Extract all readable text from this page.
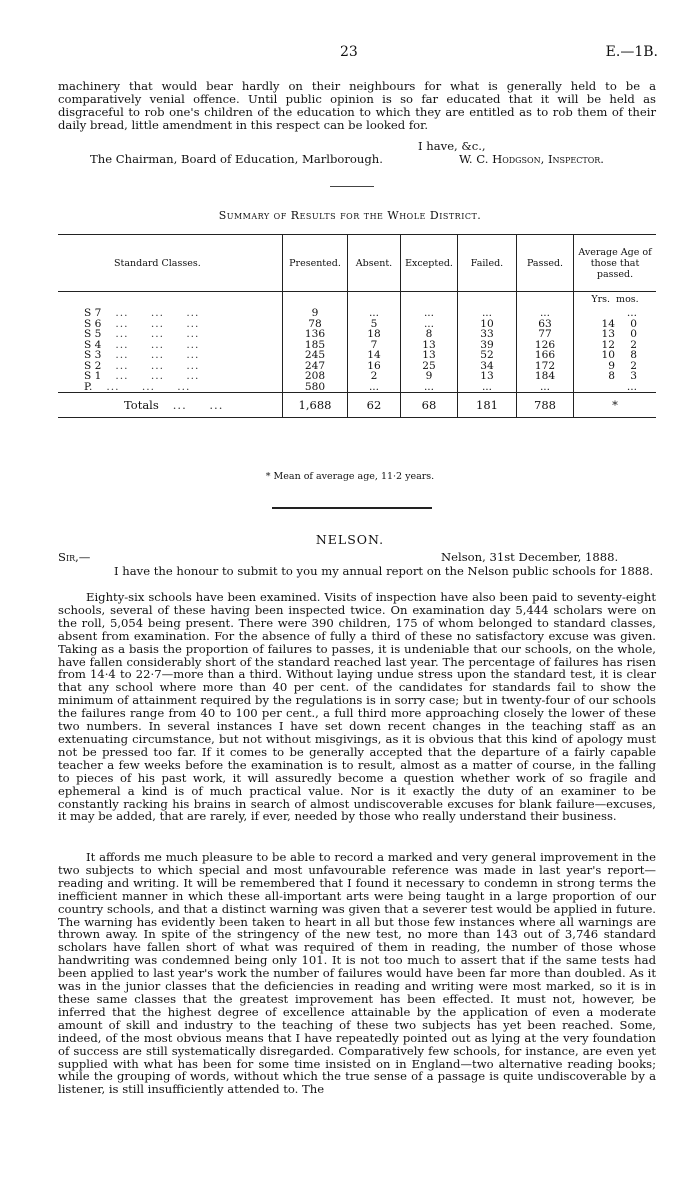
23	E.—1B.

machinery that would bear hardly on their neighbours for what is generally held to be a comparatively venial offence. Until public opinion is so far educated that it will be held as disgraceful to rob one's children of the education to which they are entitled as to rob them of their daily bread, little amendment in this respect can be looked for.

I have, &c.,
The Chairman, Board of Education, Marlborough.	W. C. Hodgson, Inspector.
Summary of Results for the Whole District.
Standard Classes.	Presented.	Absent.	Excepted.	Failed.	Passed.	Average Age of those that passed.
						Yrs.  mos.
S 7 ... ... ...	9	...	...	...	...	...
S 6 ... ... ...	78	5	...	10	63	14 0
S 5 ... ... ...	136	18	8	33	77	13 0
S 4 ... ... ...	185	7	13	39	126	12 2
S 3 ... ... ...	245	14	13	52	166	10 8
S 2 ... ... ...	247	16	25	34	172	9 2
S 1 ... ... ...	208	2	9	13	184	8 3
P. ... ... ...	580	...	...	...	...	...
Totals ... ...	1,688	62	68	181	788	*
* Mean of average age, 11·2 years.
NELSON.
Sir,—	Nelson, 31st December, 1888.

I have the honour to submit to you my annual report on the Nelson public schools for 1888.

Eighty-six schools have been examined. Visits of inspection have also been paid to seventy-eight schools, several of these having been inspected twice. On examination day 5,444 scholars were on the roll, 5,054 being present. There were 390 children, 175 of whom belonged to standard classes, absent from examination. For the absence of fully a third of these no satisfactory excuse was given. Taking as a basis the proportion of failures to passes, it is undeniable that our schools, on the whole, have fallen considerably short of the standard reached last year. The percentage of failures has risen from 14·4 to 22·7—more than a third. Without laying undue stress upon the standard test, it is clear that any school where more than 40 per cent. of the candidates for standards fail to show the minimum of attainment required by the regulations is in sorry case; but in twenty-four of our schools the failures range from 40 to 100 per cent., a full third more approaching closely the lower of these two numbers. In several instances I have set down recent changes in the teaching staff as an extenuating circumstance, but not without misgivings, as it is obvious that this kind of apology must not be pressed too far. If it comes to be generally accepted that the departure of a fairly capable teacher a few weeks before the examination is to result, almost as a matter of course, in the falling to pieces of his past work, it will assuredly become a question whether work of so fragile and ephemeral a kind is of much practical value. Nor is it exactly the duty of an examiner to be constantly racking his brains in search of almost undiscoverable excuses for blank failure—excuses, it may be added, that are rarely, if ever, needed by those who really understand their business.

It affords me much pleasure to be able to record a marked and very general improvement in the two subjects to which special and most unfavourable reference was made in last year's report—reading and writing. It will be remembered that I found it necessary to condemn in strong terms the inefficient manner in which these all-important arts were being taught in a large proportion of our country schools, and that a distinct warning was given that a severer test would be applied in future. The warning has evidently been taken to heart in all but those few instances where all warnings are thrown away. In spite of the stringency of the new test, no more than 143 out of 3,746 standard scholars have fallen short of what was required of them in reading, the number of those whose handwriting was condemned being only 101. It is not too much to assert that if the same tests had been applied to last year's work the number of failures would have been far more than doubled. As it was in the junior classes that the deficiencies in reading and writing were most marked, so it is in these same classes that the greatest improvement has been effected. It must not, however, be inferred that the highest degree of excellence attainable by the application of even a moderate amount of skill and industry to the teaching of these two subjects has yet been reached. Some, indeed, of the most obvious means that I have repeatedly pointed out as lying at the very foundation of success are still systematically disregarded. Comparatively few schools, for instance, are even yet supplied with what has been for some time insisted on in England—two alternative reading books; while the grouping of words, without which the true sense of a passage is quite undiscoverable by a listener, is still insufficiently attended to. The
